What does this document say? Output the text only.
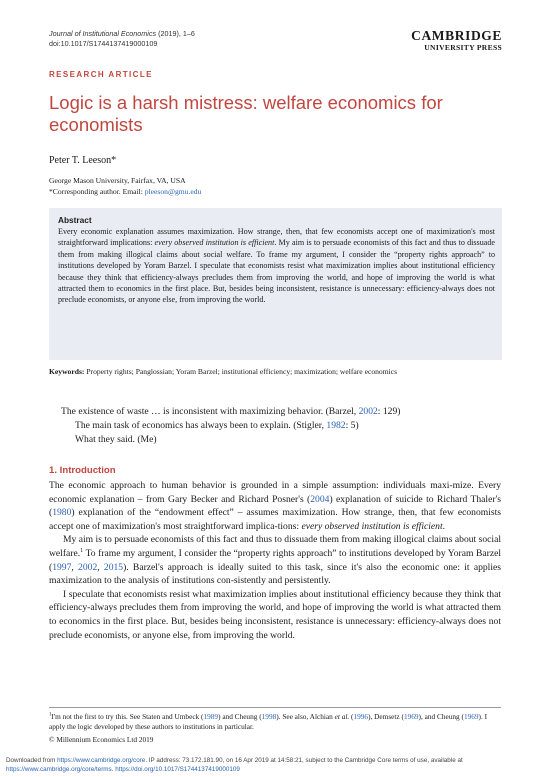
Journal of Institutional Economics (2019), 1–6
doi:10.1017/S1744137419000109
CAMBRIDGE
UNIVERSITY PRESS
RESEARCH ARTICLE
Logic is a harsh mistress: welfare economics for economists
Peter T. Leeson*
George Mason University, Fairfax, VA, USA
*Corresponding author. Email: pleeson@gmu.edu
Abstract

Every economic explanation assumes maximization. How strange, then, that few economists accept one of maximization's most straightforward implications: every observed institution is efficient. My aim is to persuade economists of this fact and thus to dissuade them from making illogical claims about social welfare. To frame my argument, I consider the “property rights approach” to institutions developed by Yoram Barzel. I speculate that economists resist what maximization implies about institutional efficiency because they think that efficiency-always precludes them from improving the world, and hope of improving the world is what attracted them to economics in the first place. But, besides being inconsistent, resistance is unnecessary: efficiency-always does not preclude economists, or anyone else, from improving the world.

Keywords: Property rights; Panglossian; Yoram Barzel; institutional efficiency; maximization; welfare economics
The existence of waste … is inconsistent with maximizing behavior. (Barzel, 2002: 129)
The main task of economics has always been to explain. (Stigler, 1982: 5)
What they said. (Me)
1. Introduction

The economic approach to human behavior is grounded in a simple assumption: individuals maxi-mize. Every economic explanation – from Gary Becker and Richard Posner's (2004) explanation of suicide to Richard Thaler's (1980) explanation of the “endowment effect” – assumes maximization. How strange, then, that few economists accept one of maximization's most straightforward implica-tions: every observed institution is efficient.

My aim is to persuade economists of this fact and thus to dissuade them from making illogical claims about social welfare.$^1$ To frame my argument, I consider the “property rights approach” to institutions developed by Yoram Barzel (1997, 2002, 2015). Barzel's approach is ideally suited to this task, since it's also the economic one: it applies maximization to the analysis of institutions con-sistently and persistently.

I speculate that economists resist what maximization implies about institutional efficiency because they think that efficiency-always precludes them from improving the world, and hope of improving the world is what attracted them to economics in the first place. But, besides being inconsistent, resistance is unnecessary: efficiency-always does not preclude economists, or anyone else, from improving the world.

$^1$I'm not the first to try this. See Staten and Umbeck (1989) and Cheung (1998). See also, Alchian et al. (1996), Demsetz (1969), and Cheung (1969). I apply the logic developed by these authors to institutions in particular.
© Millennium Economics Ltd 2019
Downloaded from https://www.cambridge.org/core. IP address: 73.172.181.90, on 16 Apr 2019 at 14:58:21, subject to the Cambridge Core terms of use, available at
https://www.cambridge.org/core/terms. https://doi.org/10.1017/S1744137419000109
